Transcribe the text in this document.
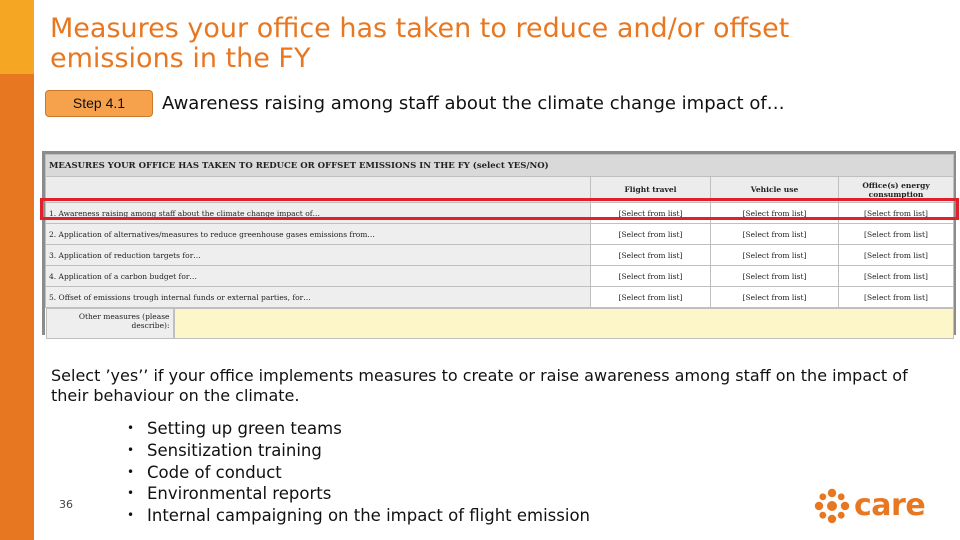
Measures your office has taken to reduce and/or offset emissions in the FY
Step 4.1	Awareness raising among staff about the climate change impact of…
MEASURES YOUR OFFICE HAS TAKEN TO REDUCE OR OFFSET EMISSIONS IN THE FY (select YES/NO)			
	Flight travel	Vehicle use	Office(s) energy consumption
1. Awareness raising among staff about the climate change impact of…	[Select from list]	[Select from list]	[Select from list]
2. Application of alternatives/measures to reduce greenhouse gases emissions from…	[Select from list]	[Select from list]	[Select from list]
3. Application of reduction targets for…	[Select from list]	[Select from list]	[Select from list]
4. Application of a carbon budget for…	[Select from list]	[Select from list]	[Select from list]
5. Offset of emissions trough internal funds or external parties, for…	[Select from list]	[Select from list]	[Select from list]

Other measures (please
describe):			
Select ’yes’’ if your office implements measures to create or raise awareness among staff on the impact of their behaviour on the climate.
• Setting up green teams
• Sensitization training
• Code of conduct
• Environmental reports
• Internal campaigning on the impact of flight emission
36	care
